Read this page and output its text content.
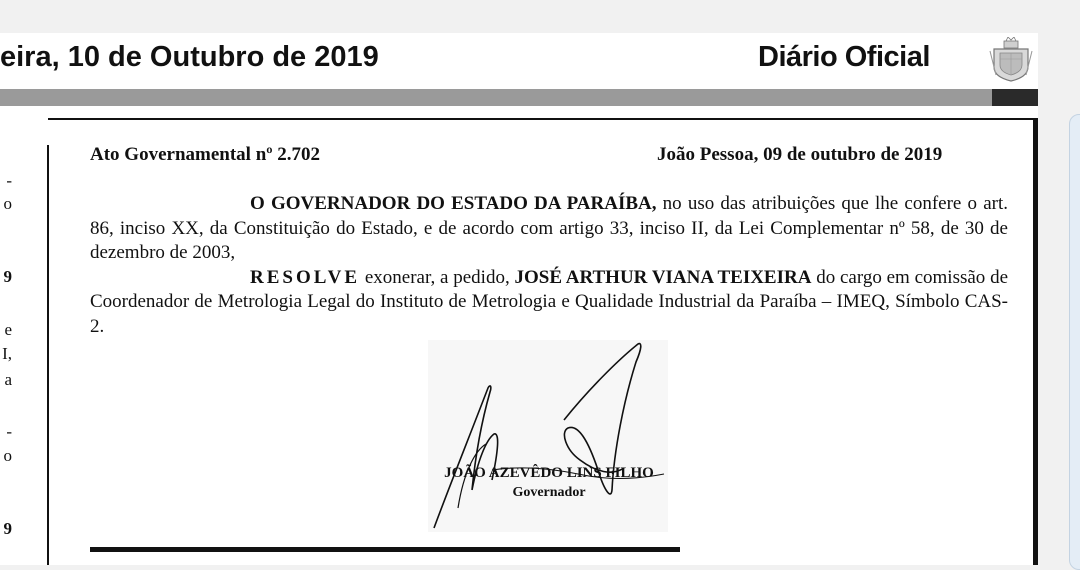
eira, 10 de Outubro de 2019	Diário Oficial
-
o
9
e
I,
a
-
o
9
Ato Governamental nº 2.702	João Pessoa, 09 de outubro de 2019
O GOVERNADOR DO ESTADO DA PARAÍBA, no uso das atribuições que lhe confere o art. 86, inciso XX, da Constituição do Estado, e de acordo com artigo 33, inciso II, da Lei Complementar nº 58, de 30 de dezembro de 2003,
RESOLVE exonerar, a pedido, JOSÉ ARTHUR VIANA TEIXEIRA do cargo em comissão de Coordenador de Metrologia Legal do Instituto de Metrologia e Qualidade Industrial da Paraíba – IMEQ, Símbolo CAS-2.
JOÃO AZEVÊDO LINS FILHO
Governador
